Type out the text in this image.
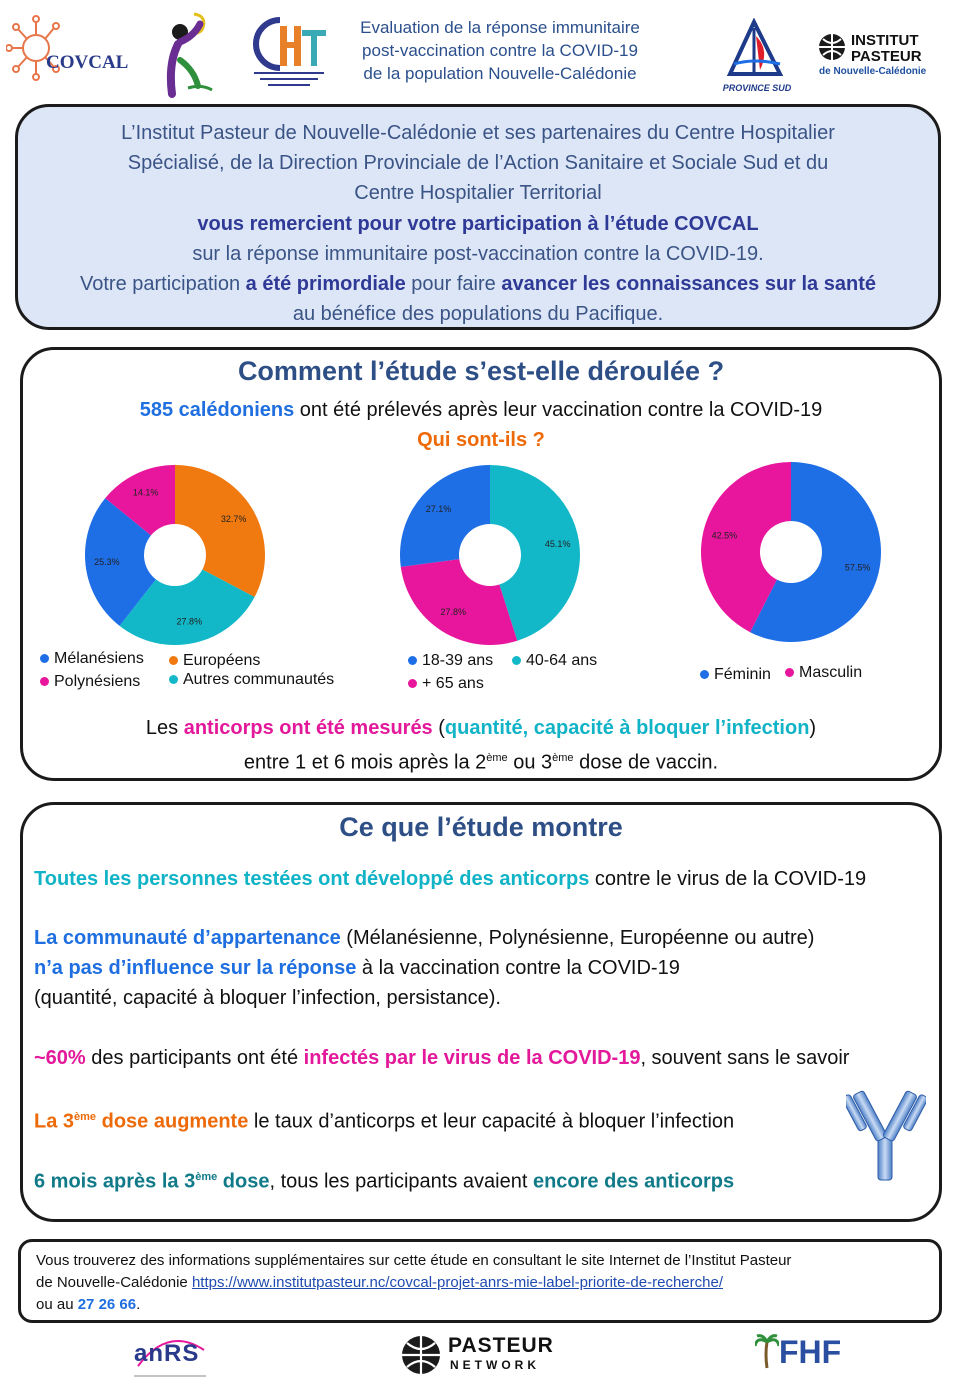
COVCAL
Evaluation de la réponse immunitaire
post-vaccination contre la COVID-19
de la population Nouvelle-Calédonie
PROVINCE SUD
INSTITUT
PASTEUR
de Nouvelle-Calédonie
L’Institut Pasteur de Nouvelle-Calédonie et ses partenaires du Centre Hospitalier
Spécialisé, de la Direction Provinciale de l’Action Sanitaire et Sociale Sud et du
Centre Hospitalier Territorial
vous remercient pour votre participation à l’étude COVCAL
sur la réponse immunitaire post-vaccination contre la COVID-19.
Votre participation a été primordiale pour faire avancer les connaissances sur la santé
au bénéfice des populations du Pacifique.
Comment l’étude s’est-elle déroulée ?
585 calédoniens ont été prélevés après leur vaccination contre la COVID-19
Qui sont-ils ?
32.7%
27.8%
25.3%
14.1%
45.1%
27.8%
27.1%
57.5%
42.5%
Mélanésiens	Européens
Polynésiens	Autres communautés
18-39 ans	40-64 ans
+ 65 ans
Féminin	Masculin
Les anticorps ont été mesurés (quantité, capacité à bloquer l’infection)
entre 1 et 6 mois après la 2ème ou 3ème dose de vaccin.
Ce que l’étude montre
Toutes les personnes testées ont développé des anticorps contre le virus de la COVID-19
La communauté d’appartenance (Mélanésienne, Polynésienne, Européenne ou autre)
n’a pas d’influence sur la réponse à la vaccination contre la COVID-19
(quantité, capacité à bloquer l’infection, persistance).
~60% des participants ont été infectés par le virus de la COVID-19, souvent sans le savoir
La 3ème dose augmente le taux d’anticorps et leur capacité à bloquer l’infection
6 mois après la 3ème dose, tous les participants avaient encore des anticorps
Vous trouverez des informations supplémentaires sur cette étude en consultant le site Internet de l’Institut Pasteur
de Nouvelle-Calédonie https://www.institutpasteur.nc/covcal-projet-anrs-mie-label-priorite-de-recherche/
ou au 27 26 66.
anRS	PASTEUR
NETWORK	FHF
